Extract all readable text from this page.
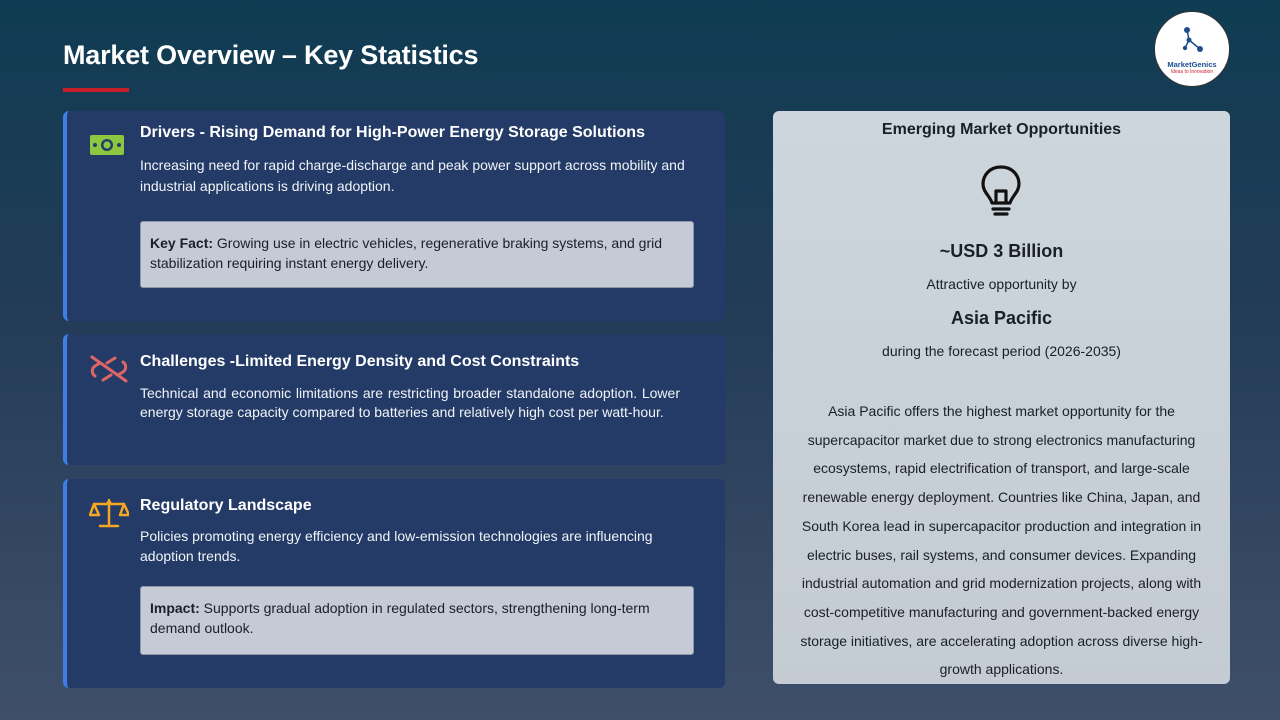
Market Overview – Key Statistics	MarketGenics
Ideas to Innovation
Drivers - Rising Demand for High-Power Energy Storage Solutions
Increasing need for rapid charge-discharge and peak power support across mobility and industrial applications is driving adoption.
Key Fact: Growing use in electric vehicles, regenerative braking systems, and grid stabilization requiring instant energy delivery.
Challenges -Limited Energy Density and Cost Constraints
Technical and economic limitations are restricting broader standalone adoption. Lower energy storage capacity compared to batteries and relatively high cost per watt-hour.
Regulatory Landscape
Policies promoting energy efficiency and low-emission technologies are influencing adoption trends.
Impact: Supports gradual adoption in regulated sectors, strengthening long-term demand outlook.
Emerging Market Opportunities
~USD 3 Billion
Attractive opportunity by
Asia Pacific
during the forecast period (2026-2035)
Asia Pacific offers the highest market opportunity for the supercapacitor market due to strong electronics manufacturing ecosystems, rapid electrification of transport, and large-scale renewable energy deployment. Countries like China, Japan, and South Korea lead in supercapacitor production and integration in electric buses, rail systems, and consumer devices. Expanding industrial automation and grid modernization projects, along with cost-competitive manufacturing and government-backed energy storage initiatives, are accelerating adoption across diverse high-growth applications.
